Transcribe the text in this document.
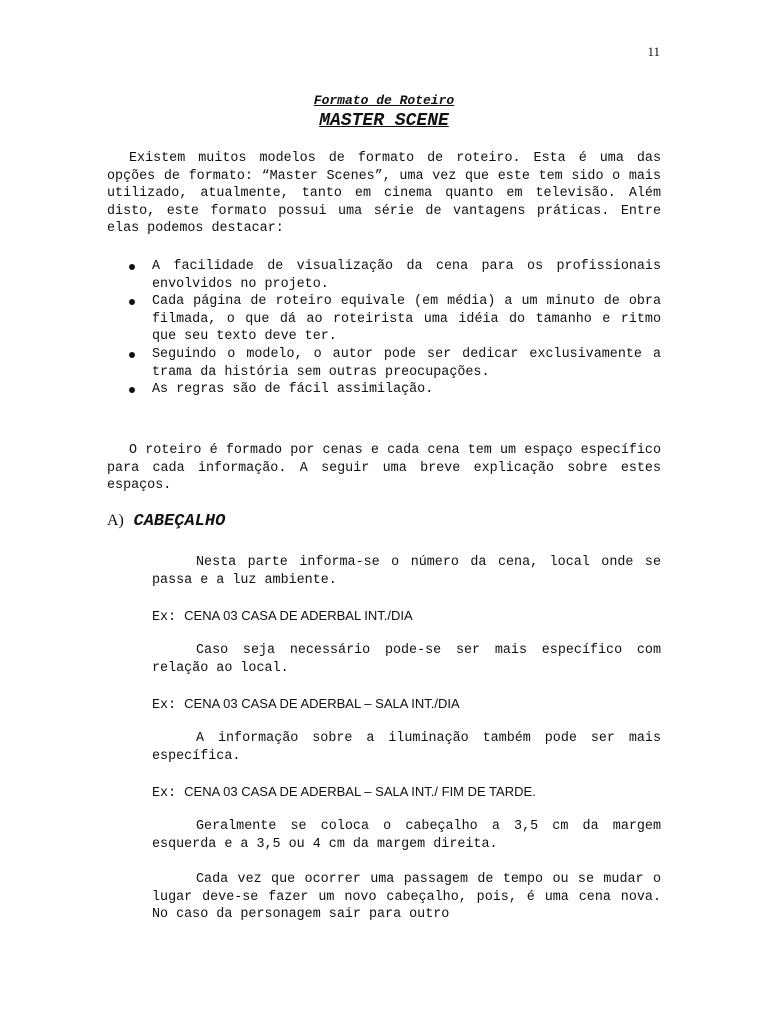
11
Formato de Roteiro
MASTER SCENE

Existem muitos modelos de formato de roteiro. Esta é uma das opções de formato: “Master Scenes”, uma vez que este tem sido o mais utilizado, atualmente, tanto em cinema quanto em televisão. Além disto, este formato possui uma série de vantagens práticas. Entre elas podemos destacar:

A facilidade de visualização da cena para os profissionais envolvidos no projeto.
Cada página de roteiro equivale (em média) a um minuto de obra filmada, o que dá ao roteirista uma idéia do tamanho e ritmo que seu texto deve ter.
Seguindo o modelo, o autor pode ser dedicar exclusivamente a trama da história sem outras preocupações.
As regras são de fácil assimilação.

O roteiro é formado por cenas e cada cena tem um espaço específico para cada informação. A seguir uma breve explicação sobre estes espaços.

A) CABEÇALHO

Nesta parte informa-se o número da cena, local onde se passa e a luz ambiente.

Ex: CENA 03 CASA DE ADERBAL INT./DIA

Caso seja necessário pode-se ser mais específico com relação ao local.

Ex: CENA 03 CASA DE ADERBAL – SALA INT./DIA

A informação sobre a iluminação também pode ser mais específica.

Ex: CENA 03 CASA DE ADERBAL – SALA INT./ FIM DE TARDE.

Geralmente se coloca o cabeçalho a 3,5 cm da margem esquerda e a 3,5 ou 4 cm da margem direita.

Cada vez que ocorrer uma passagem de tempo ou se mudar o lugar deve-se fazer um novo cabeçalho, pois, é uma cena nova. No caso da personagem sair para outro
